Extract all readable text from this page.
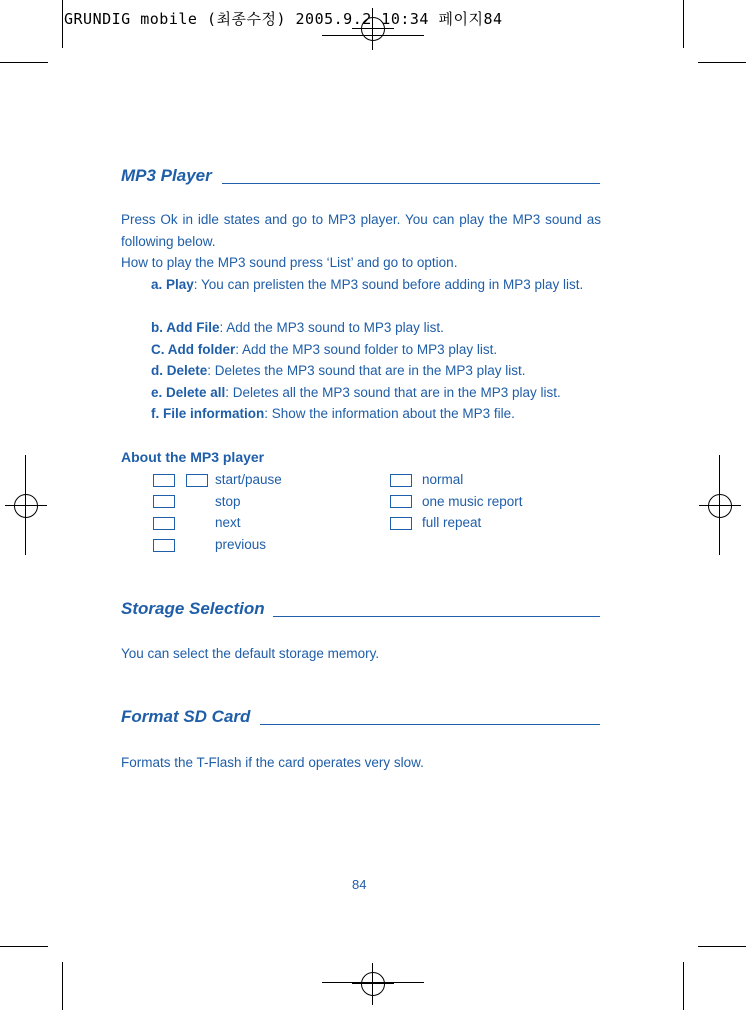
GRUNDIG mobile (최종수정) 2005.9.2 10:34 페이지84
MP3 Player
Press Ok in idle states and go to MP3 player. You can play the MP3 sound as following below.
How to play the MP3 sound press ‘List’ and go to option.
a. Play: You can prelisten the MP3 sound before adding in MP3 play list.
b. Add File: Add the MP3 sound to MP3 play list.
C. Add folder: Add the MP3 sound folder to MP3 play list.
d. Delete: Deletes the MP3 sound that are in the MP3 play list.
e. Delete all: Deletes all the MP3 sound that are in the MP3 play list.
f. File information: Show the information about the MP3 file.
About the MP3 player
start/pause
stop
next
previous
normal
one music report
full repeat
Storage Selection
You can select the default storage memory.
Format SD Card
Formats the T-Flash if the card operates very slow.
84
